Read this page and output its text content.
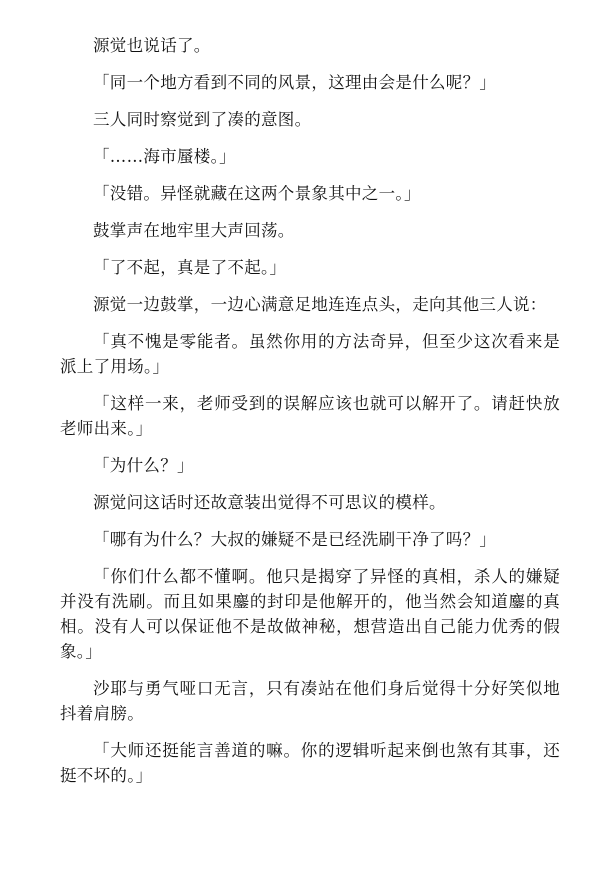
源觉也说话了。

「同一个地方看到不同的风景，这理由会是什么呢？」

三人同时察觉到了凑的意图。

「……海市蜃楼。」

「没错。异怪就藏在这两个景象其中之一。」

鼓掌声在地牢里大声回荡。

「了不起，真是了不起。」

源觉一边鼓掌，一边心满意足地连连点头，走向其他三人说：

「真不愧是零能者。虽然你用的方法奇异，但至少这次看来是派上了用场。」

「这样一来，老师受到的误解应该也就可以解开了。请赶快放老师出来。」

「为什么？」

源觉问这话时还故意装出觉得不可思议的模样。

「哪有为什么？大叔的嫌疑不是已经洗刷干净了吗？」

「你们什么都不懂啊。他只是揭穿了异怪的真相，杀人的嫌疑并没有洗刷。而且如果鏖的封印是他解开的，他当然会知道鏖的真相。没有人可以保证他不是故做神秘，想营造出自己能力优秀的假象。」

沙耶与勇气哑口无言，只有凑站在他们身后觉得十分好笑似地抖着肩膀。

「大师还挺能言善道的嘛。你的逻辑听起来倒也煞有其事，还挺不坏的。」
